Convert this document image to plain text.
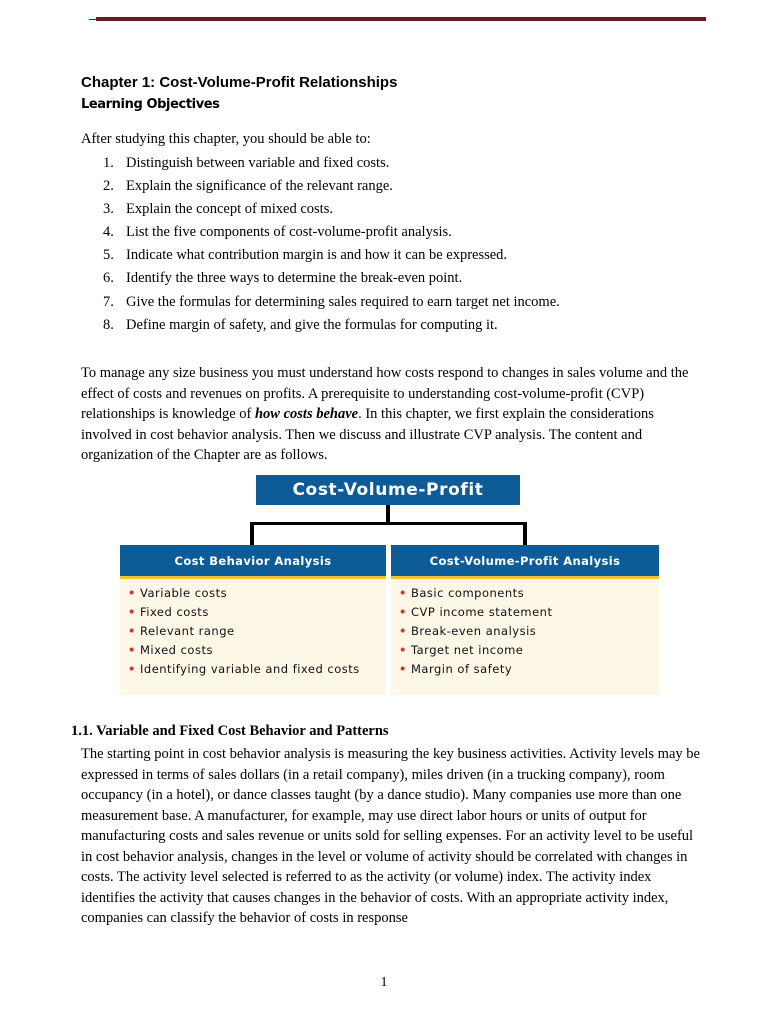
Chapter 1: Cost-Volume-Profit Relationships
Learning Objectives
After studying this chapter, you should be able to:
1. Distinguish between variable and fixed costs.
2. Explain the significance of the relevant range.
3. Explain the concept of mixed costs.
4. List the five components of cost-volume-profit analysis.
5. Indicate what contribution margin is and how it can be expressed.
6. Identify the three ways to determine the break-even point.
7. Give the formulas for determining sales required to earn target net income.
8. Define margin of safety, and give the formulas for computing it.

To manage any size business you must understand how costs respond to changes in sales volume and the effect of costs and revenues on profits. A prerequisite to understanding cost-volume-profit (CVP) relationships is knowledge of how costs behave. In this chapter, we first explain the considerations involved in cost behavior analysis. Then we discuss and illustrate CVP analysis. The content and organization of the Chapter are as follows.

Cost-Volume-Profit
Cost Behavior Analysis	Cost-Volume-Profit Analysis
• Variable costs
• Fixed costs
• Relevant range
• Mixed costs
• Identifying variable and fixed costs
• Basic components
• CVP income statement
• Break-even analysis
• Target net income
• Margin of safety
1.1. Variable and Fixed Cost Behavior and Patterns

The starting point in cost behavior analysis is measuring the key business activities. Activity levels may be expressed in terms of sales dollars (in a retail company), miles driven (in a trucking company), room occupancy (in a hotel), or dance classes taught (by a dance studio). Many companies use more than one measurement base. A manufacturer, for example, may use direct labor hours or units of output for manufacturing costs and sales revenue or units sold for selling expenses. For an activity level to be useful in cost behavior analysis, changes in the level or volume of activity should be correlated with changes in costs. The activity level selected is referred to as the activity (or volume) index. The activity index identifies the activity that causes changes in the behavior of costs. With an appropriate activity index, companies can classify the behavior of costs in response

1
